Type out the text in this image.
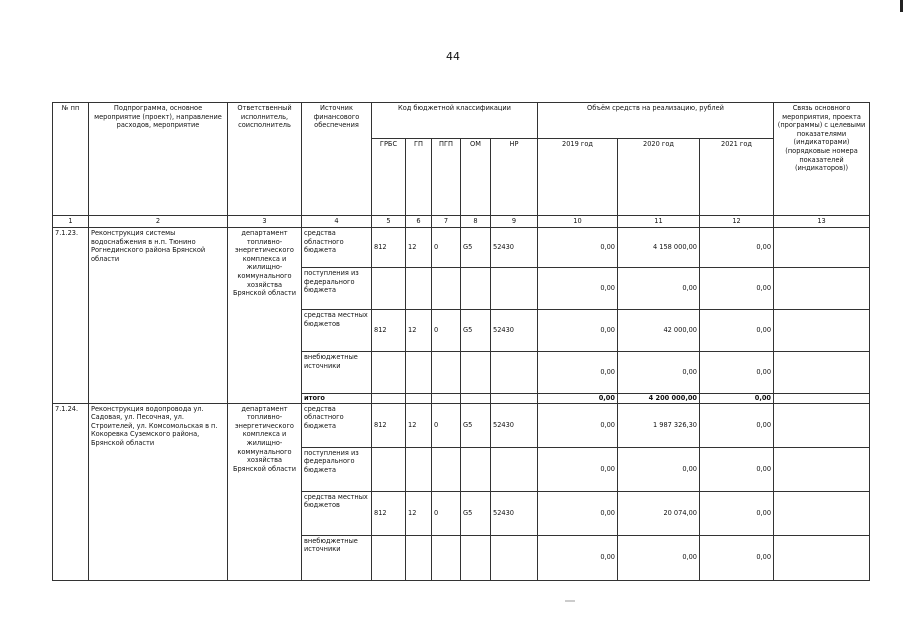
44
№ пп	Подпрограмма, основное мероприятие (проект), направление расходов, мероприятие	Ответственный исполнитель, соисполнитель	Источник финансового обеспечения	Код бюджетной классификации					Объём средств на реализацию, рублей			Связь основного мероприятия, проекта (программы) с целевыми показателями (индикаторами) (порядковые номера показателей (индикаторов))
				ГРБС	ГП	ПГП	ОМ	НР	2019 год	2020 год	2021 год	
1	2	3	4	5	6	7	8	9	10	11	12	13
7.1.23.	Реконструкция системы водоснабжения в н.п. Тюнино Рогнединского района Брянской области	департамент топливно-энергетического комплекса и жилищно-коммунального хозяйства Брянской области	средства областного бюджета	812	12	0	G5	52430	0,00	4 158 000,00	0,00	
			поступления из федерального бюджета						0,00	0,00	0,00	
			средства местных бюджетов	812	12	0	G5	52430	0,00	42 000,00	0,00	
			внебюджетные источники						0,00	0,00	0,00	
			итого						0,00	4 200 000,00	0,00	
7.1.24.	Реконструкция водопровода ул. Садовая, ул. Песочная, ул. Строителей, ул. Комсомольская в п. Кокоревка Суземского района, Брянской области	департамент топливно-энергетического комплекса и жилищно-коммунального хозяйства Брянской области	средства областного бюджета	812	12	0	G5	52430	0,00	1 987 326,30	0,00	
			поступления из федерального бюджета						0,00	0,00	0,00	
			средства местных бюджетов	812	12	0	G5	52430	0,00	20 074,00	0,00	
			внебюджетные источники						0,00	0,00	0,00	
